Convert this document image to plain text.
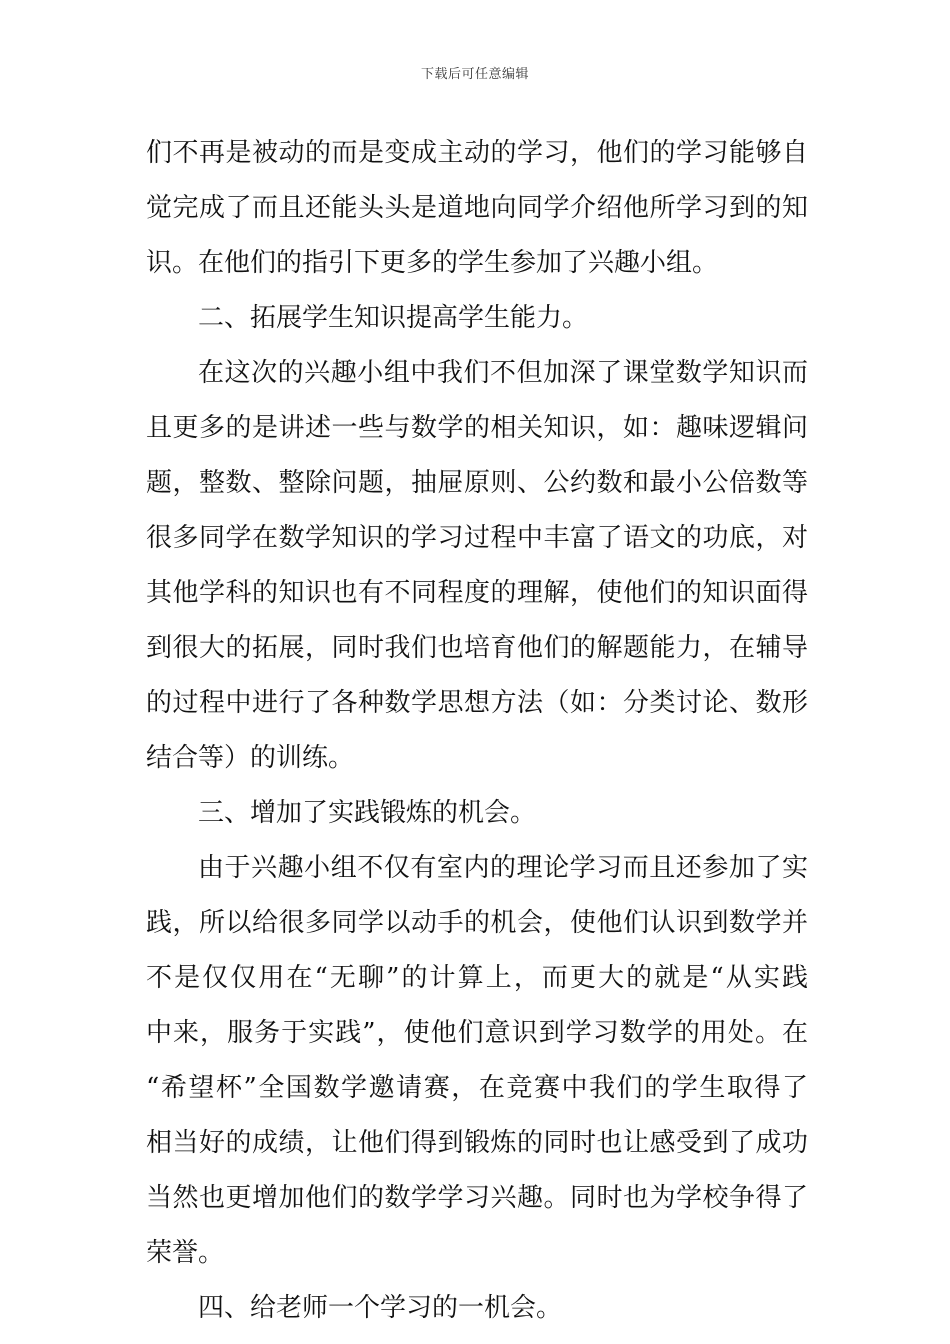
下载后可任意编辑
们不再是被动的而是变成主动的学习，他们的学习能够自
觉完成了而且还能头头是道地向同学介绍他所学习到的知
识。在他们的指引下更多的学生参加了兴趣小组。
二、拓展学生知识提高学生能力。
在这次的兴趣小组中我们不但加深了课堂数学知识而
且更多的是讲述一些与数学的相关知识，如：趣味逻辑问
题，整数、整除问题，抽屉原则、公约数和最小公倍数等
很多同学在数学知识的学习过程中丰富了语文的功底，对
其他学科的知识也有不同程度的理解，使他们的知识面得
到很大的拓展，同时我们也培育他们的解题能力，在辅导
的过程中进行了各种数学思想方法（如：分类讨论、数形
结合等）的训练。
三、增加了实践锻炼的机会。
由于兴趣小组不仅有室内的理论学习而且还参加了实
践，所以给很多同学以动手的机会，使他们认识到数学并
不是仅仅用在“无聊”的计算上，而更大的就是“从实践
中来，服务于实践”，使他们意识到学习数学的用处。在
“希望杯”全国数学邀请赛，在竞赛中我们的学生取得了
相当好的成绩，让他们得到锻炼的同时也让感受到了成功
当然也更增加他们的数学学习兴趣。同时也为学校争得了
荣誉。
四、给老师一个学习的一机会。
